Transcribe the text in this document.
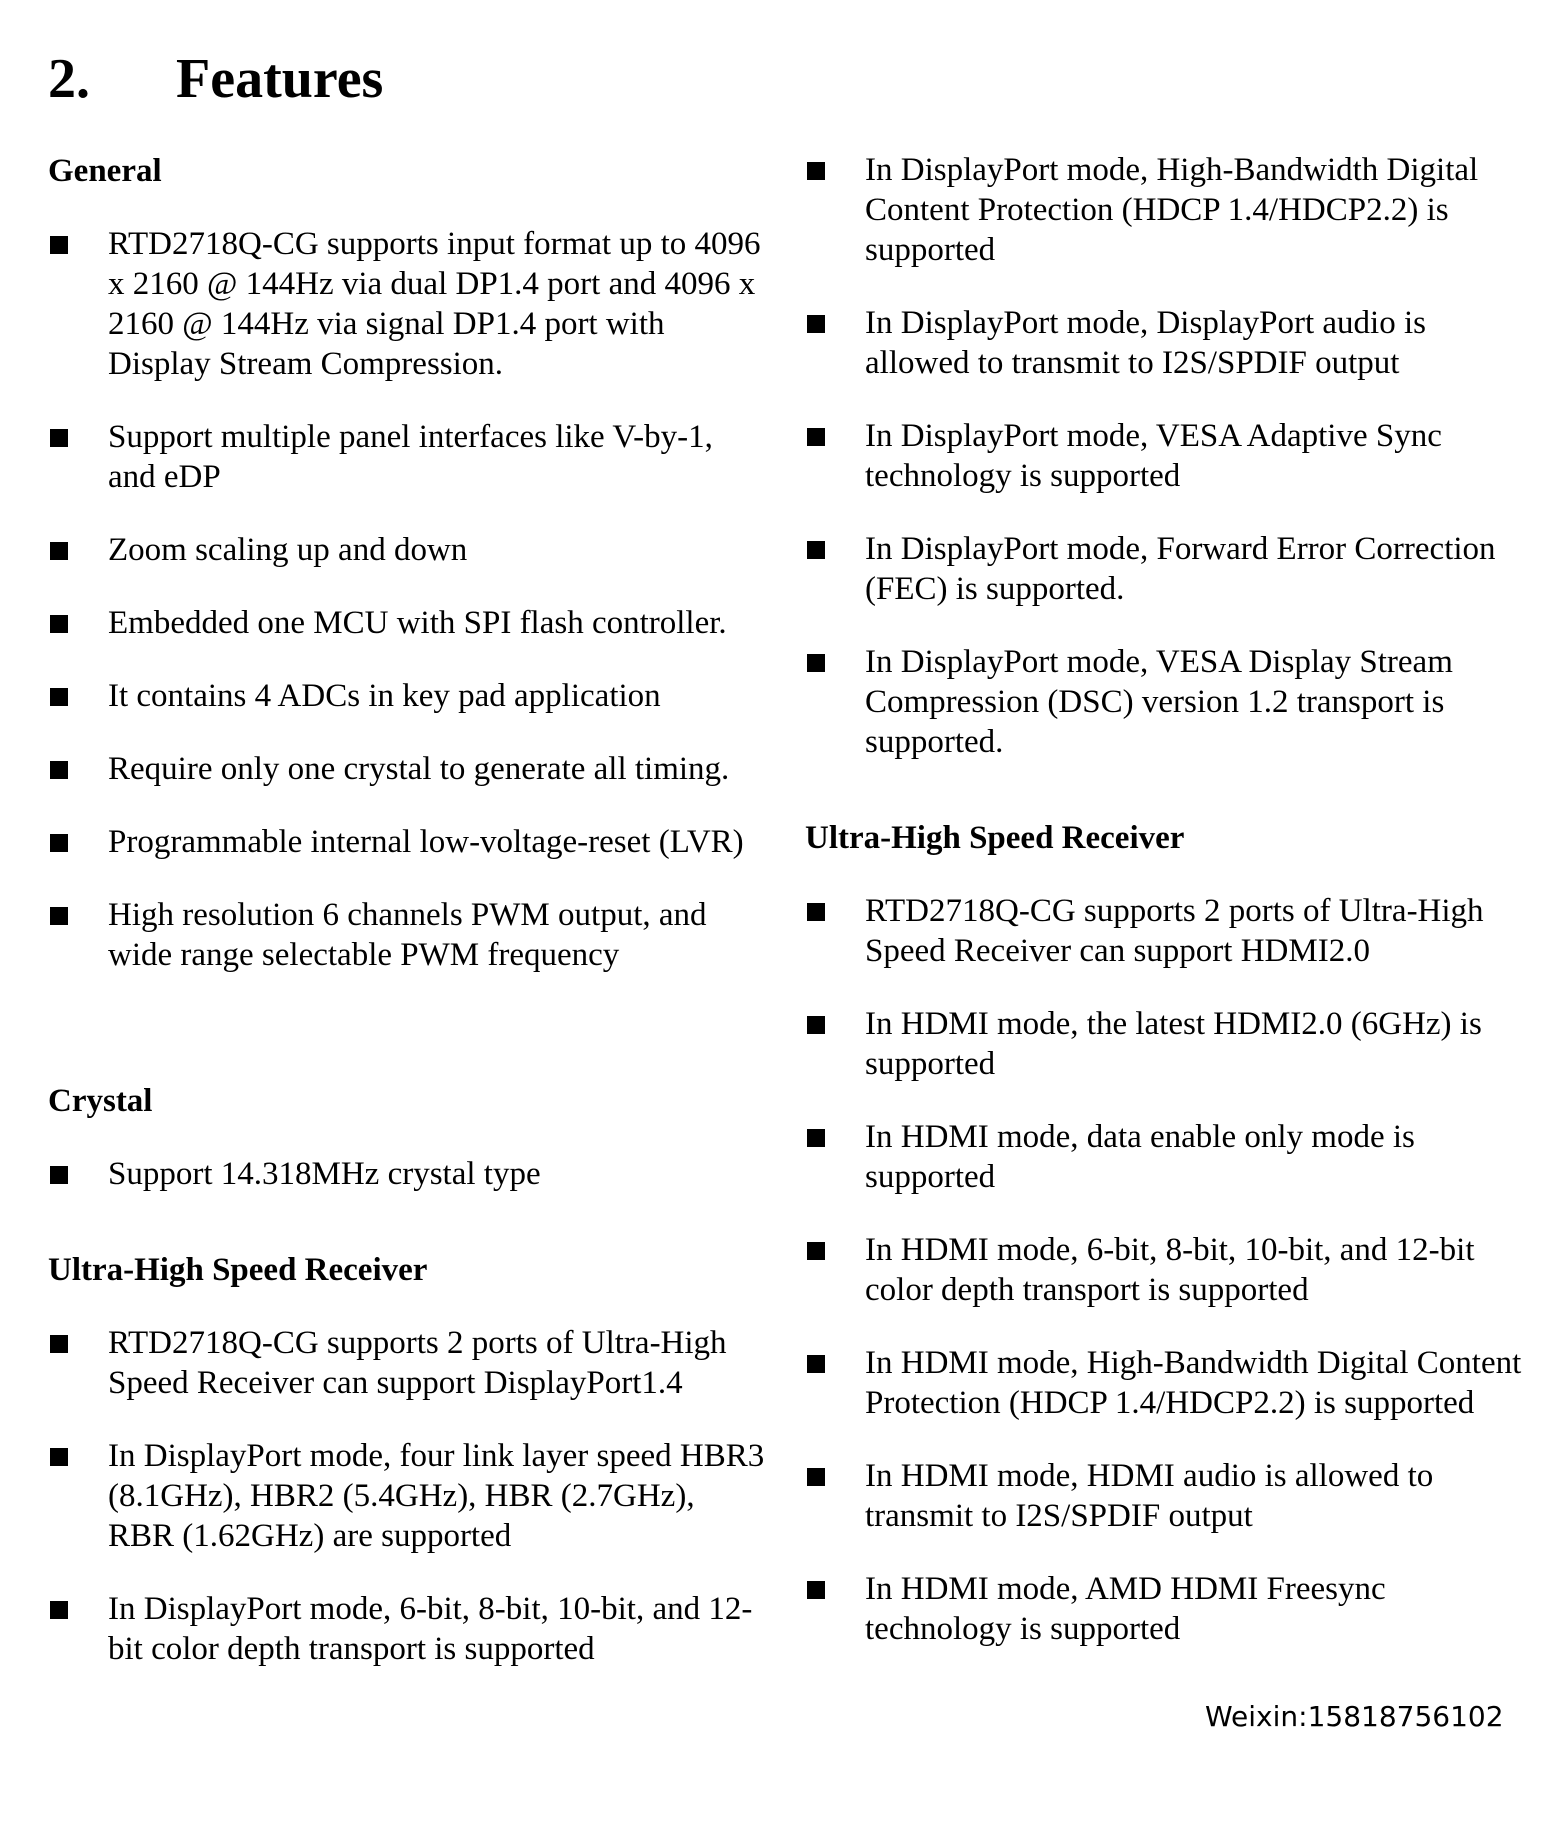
2. Features

General

RTD2718Q-CG supports input format up to 4096 x 2160 @ 144Hz via dual DP1.4 port and 4096 x 2160 @ 144Hz via signal DP1.4 port with Display Stream Compression.

Support multiple panel interfaces like V-by-1, and eDP

Zoom scaling up and down

Embedded one MCU with SPI flash controller.

It contains 4 ADCs in key pad application

Require only one crystal to generate all timing.

Programmable internal low-voltage-reset (LVR)

High resolution 6 channels PWM output, and wide range selectable PWM frequency

Crystal

Support 14.318MHz crystal type

Ultra-High Speed Receiver

RTD2718Q-CG supports 2 ports of Ultra-High Speed Receiver can support DisplayPort1.4

In DisplayPort mode, four link layer speed HBR3 (8.1GHz), HBR2 (5.4GHz), HBR (2.7GHz), RBR (1.62GHz) are supported

In DisplayPort mode, 6-bit, 8-bit, 10-bit, and 12-bit color depth transport is supported

In DisplayPort mode, High-Bandwidth Digital Content Protection (HDCP 1.4/HDCP2.2) is supported

In DisplayPort mode, DisplayPort audio is allowed to transmit to I2S/SPDIF output

In DisplayPort mode, VESA Adaptive Sync technology is supported

In DisplayPort mode, Forward Error Correction (FEC) is supported.

In DisplayPort mode, VESA Display Stream Compression (DSC) version 1.2 transport is supported.

Ultra-High Speed Receiver

RTD2718Q-CG supports 2 ports of Ultra-High Speed Receiver can support HDMI2.0

In HDMI mode, the latest HDMI2.0 (6GHz) is supported

In HDMI mode, data enable only mode is supported

In HDMI mode, 6-bit, 8-bit, 10-bit, and 12-bit color depth transport is supported

In HDMI mode, High-Bandwidth Digital Content Protection (HDCP 1.4/HDCP2.2) is supported

In HDMI mode, HDMI audio is allowed to transmit to I2S/SPDIF output

In HDMI mode, AMD HDMI Freesync technology is supported

Weixin:15818756102
